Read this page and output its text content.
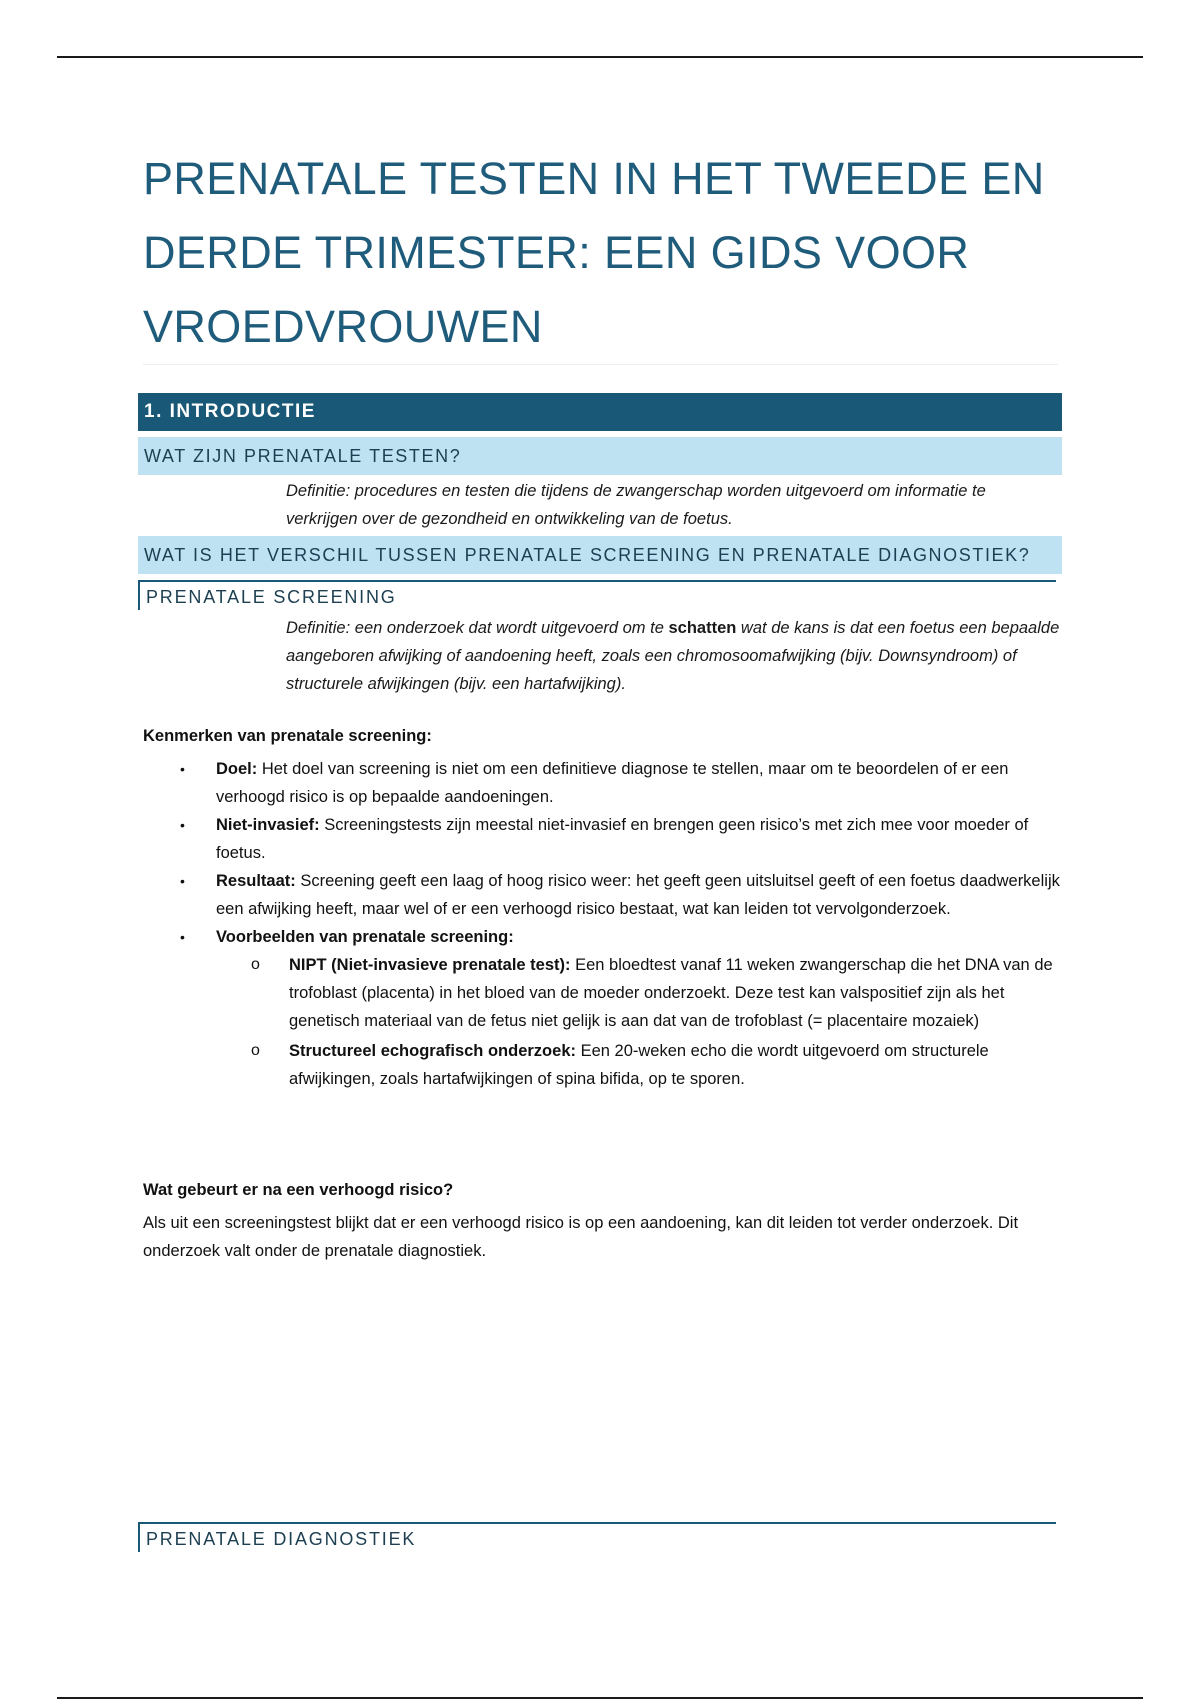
PRENATALE TESTEN IN HET TWEEDE EN DERDE TRIMESTER: EEN GIDS VOOR VROEDVROUWEN
1. INTRODUCTIE
WAT ZIJN PRENATALE TESTEN?
Definitie: procedures en testen die tijdens de zwangerschap worden uitgevoerd om informatie te verkrijgen over de gezondheid en ontwikkeling van de foetus.
WAT IS HET VERSCHIL TUSSEN PRENATALE SCREENING EN PRENATALE DIAGNOSTIEK?
PRENATALE SCREENING
Definitie: een onderzoek dat wordt uitgevoerd om te schatten wat de kans is dat een foetus een bepaalde aangeboren afwijking of aandoening heeft, zoals een chromosoomafwijking (bijv. Downsyndroom) of structurele afwijkingen (bijv. een hartafwijking).
Kenmerken van prenatale screening:
• Doel: Het doel van screening is niet om een definitieve diagnose te stellen, maar om te beoordelen of er een verhoogd risico is op bepaalde aandoeningen.
• Niet-invasief: Screeningstests zijn meestal niet-invasief en brengen geen risico’s met zich mee voor moeder of foetus.
• Resultaat: Screening geeft een laag of hoog risico weer: het geeft geen uitsluitsel geeft of een foetus daadwerkelijk een afwijking heeft, maar wel of er een verhoogd risico bestaat, wat kan leiden tot vervolgonderzoek.
• Voorbeelden van prenatale screening:
o NIPT (Niet-invasieve prenatale test): Een bloedtest vanaf 11 weken zwangerschap die het DNA van de trofoblast (placenta) in het bloed van de moeder onderzoekt. Deze test kan valspositief zijn als het genetisch materiaal van de fetus niet gelijk is aan dat van de trofoblast (= placentaire mozaiek)
o Structureel echografisch onderzoek: Een 20-weken echo die wordt uitgevoerd om structurele afwijkingen, zoals hartafwijkingen of spina bifida, op te sporen.
Wat gebeurt er na een verhoogd risico?
Als uit een screeningstest blijkt dat er een verhoogd risico is op een aandoening, kan dit leiden tot verder onderzoek. Dit onderzoek valt onder de prenatale diagnostiek.
PRENATALE DIAGNOSTIEK
